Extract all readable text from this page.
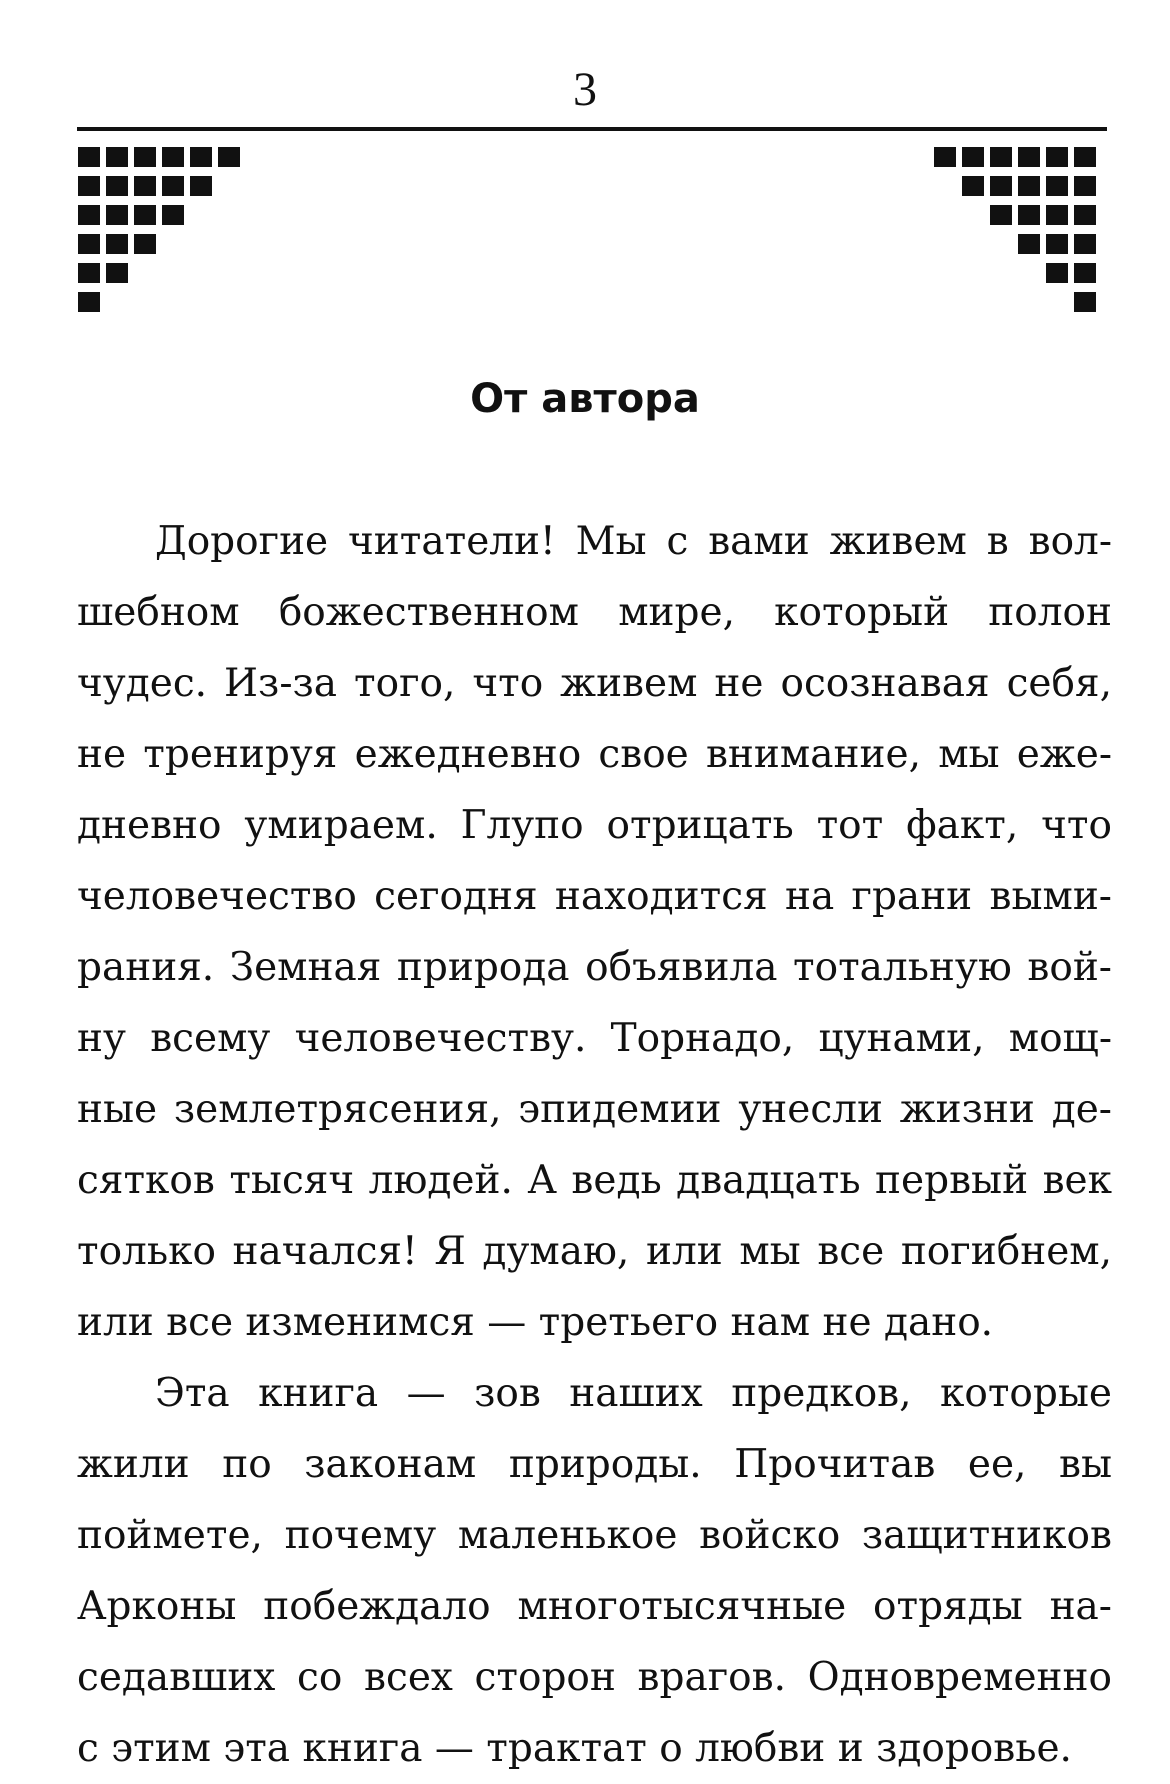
3
От автора
Дорогие читатели! Мы с вами живем в вол-
шебном божественном мире, который полон
чудес. Из-за того, что живем не осознавая себя,
не тренируя ежедневно свое внимание, мы еже-
дневно умираем. Глупо отрицать тот факт, что
человечество сегодня находится на грани выми-
рания. Земная природа объявила тотальную вой-
ну всему человечеству. Торнадо, цунами, мощ-
ные землетрясения, эпидемии унесли жизни де-
сятков тысяч людей. А ведь двадцать первый век
только начался! Я думаю, или мы все погибнем,
или все изменимся — третьего нам не дано.
Эта книга — зов наших предков, которые
жили по законам природы. Прочитав ее, вы
поймете, почему маленькое войско защитников
Арконы побеждало многотысячные отряды на-
седавших со всех сторон врагов. Одновременно
с этим эта книга — трактат о любви и здоровье.
